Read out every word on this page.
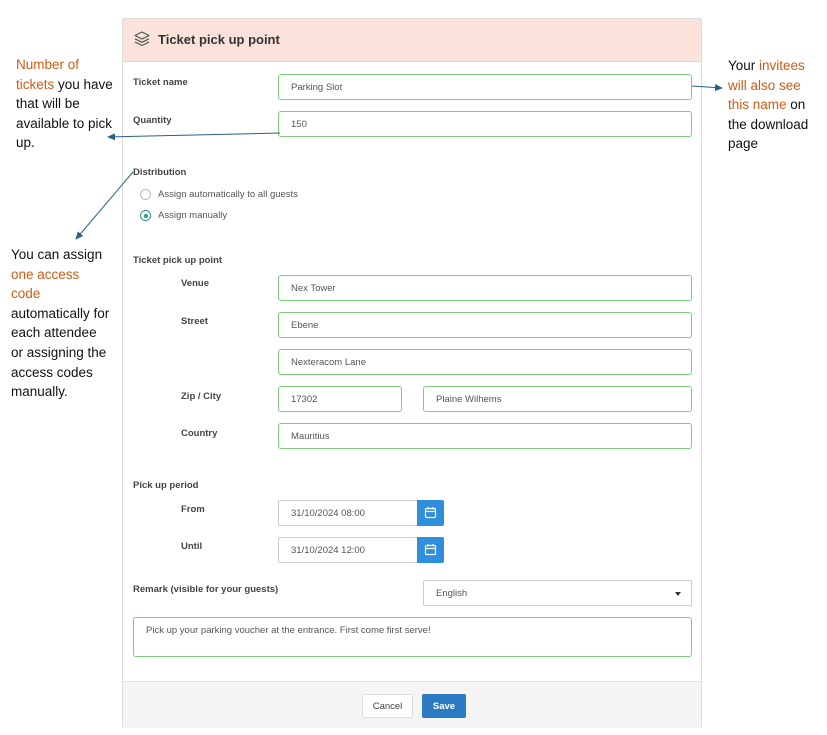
Ticket pick up point
Ticket name	Parking Slot
Quantity	150
Distribution
Assign automatically to all guests
Assign manually
Ticket pick up point
Venue	Nex Tower
Street	Ebene
Nexteracom Lane
Zip / City	17302	Plaine Wilhems
Country	Mauritius
Pick up period
From	31/10/2024 08:00
Until	31/10/2024 12:00
Remark (visible for your guests)	English
Pick up your parking voucher at the entrance. First come first serve!
Cancel	Save
Number of tickets you have that will be available to pick up.
You can assign one access code automatically for each attendee or assigning the access codes manually.
Your invitees will also see this name on the download page
